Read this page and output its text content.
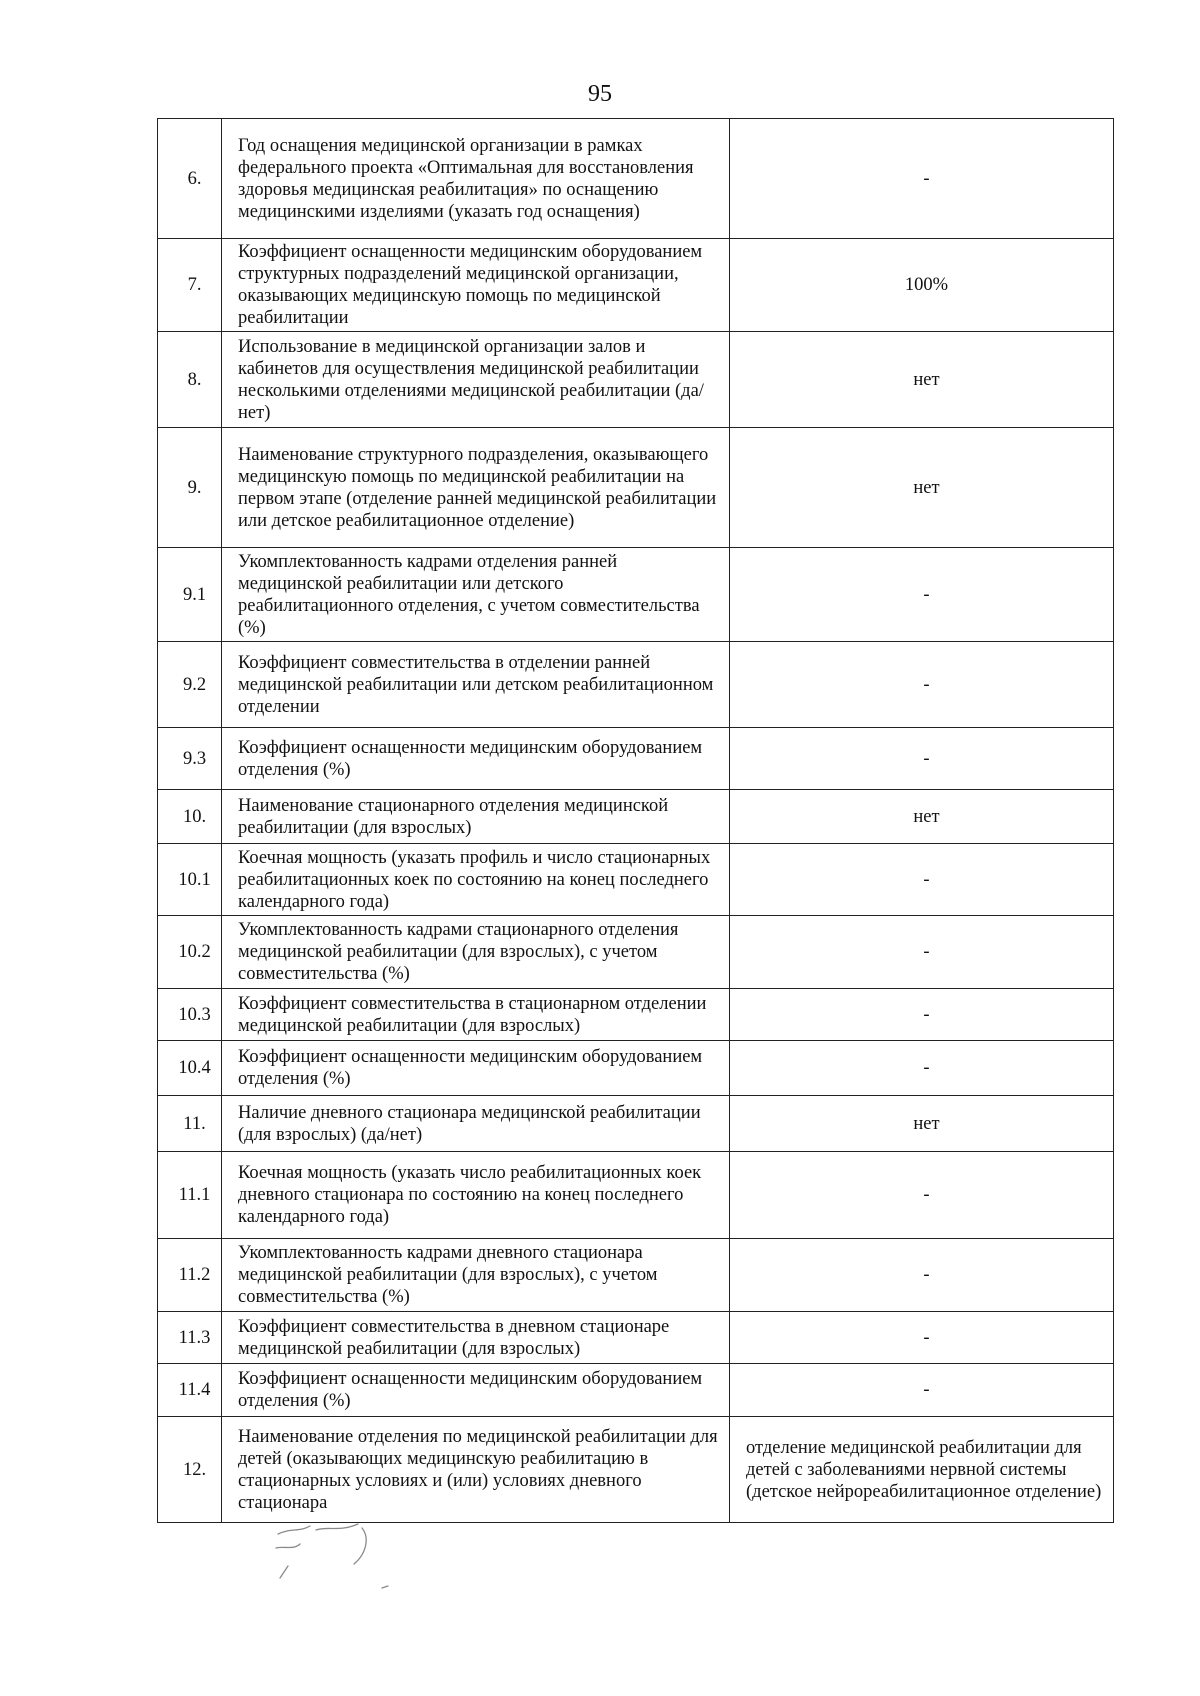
95
6.	Год оснащения медицинской организации в рамках федерального проекта «Оптимальная для восстановления здоровья медицинская реабилитация» по оснащению медицинскими изделиями (указать год оснащения)	-
7.	Коэффициент оснащенности медицинским оборудованием структурных подразделений медицинской организации, оказывающих медицинскую помощь по медицинской реабилитации	100%
8.	Использование в медицинской организации залов и кабинетов для осуществления медицинской реабилитации несколькими отделениями медицинской реабилитации (да/нет)	нет
9.	Наименование структурного подразделения, оказывающего медицинскую помощь по медицинской реабилитации на первом этапе (отделение ранней медицинской реабилитации или детское реабилитационное отделение)	нет
9.1	Укомплектованность кадрами отделения ранней медицинской реабилитации или детского реабилитационного отделения, с учетом совместительства (%)	-
9.2	Коэффициент совместительства в отделении ранней медицинской реабилитации или детском реабилитационном отделении	-
9.3	Коэффициент оснащенности медицинским оборудованием отделения (%)	-
10.	Наименование стационарного отделения медицинской реабилитации (для взрослых)	нет
10.1	Коечная мощность (указать профиль и число стационарных реабилитационных коек по состоянию на конец последнего календарного года)	-
10.2	Укомплектованность кадрами стационарного отделения медицинской реабилитации (для взрослых), с учетом совместительства (%)	-
10.3	Коэффициент совместительства в стационарном отделении медицинской реабилитации (для взрослых)	-
10.4	Коэффициент оснащенности медицинским оборудованием отделения (%)	-
11.	Наличие дневного стационара медицинской реабилитации (для взрослых) (да/нет)	нет
11.1	Коечная мощность (указать число реабилитационных коек дневного стационара по состоянию на конец последнего календарного года)	-
11.2	Укомплектованность кадрами дневного стационара медицинской реабилитации (для взрослых), с учетом совместительства (%)	-
11.3	Коэффициент совместительства в дневном стационаре медицинской реабилитации (для взрослых)	-
11.4	Коэффициент оснащенности медицинским оборудованием отделения (%)	-
12.	Наименование отделения по медицинской реабилитации для детей (оказывающих медицинскую реабилитацию в стационарных условиях и (или) условиях дневного стационара	отделение медицинской реабилитации для детей с заболеваниями нервной системы (детское нейрореабилитационное отделение)
